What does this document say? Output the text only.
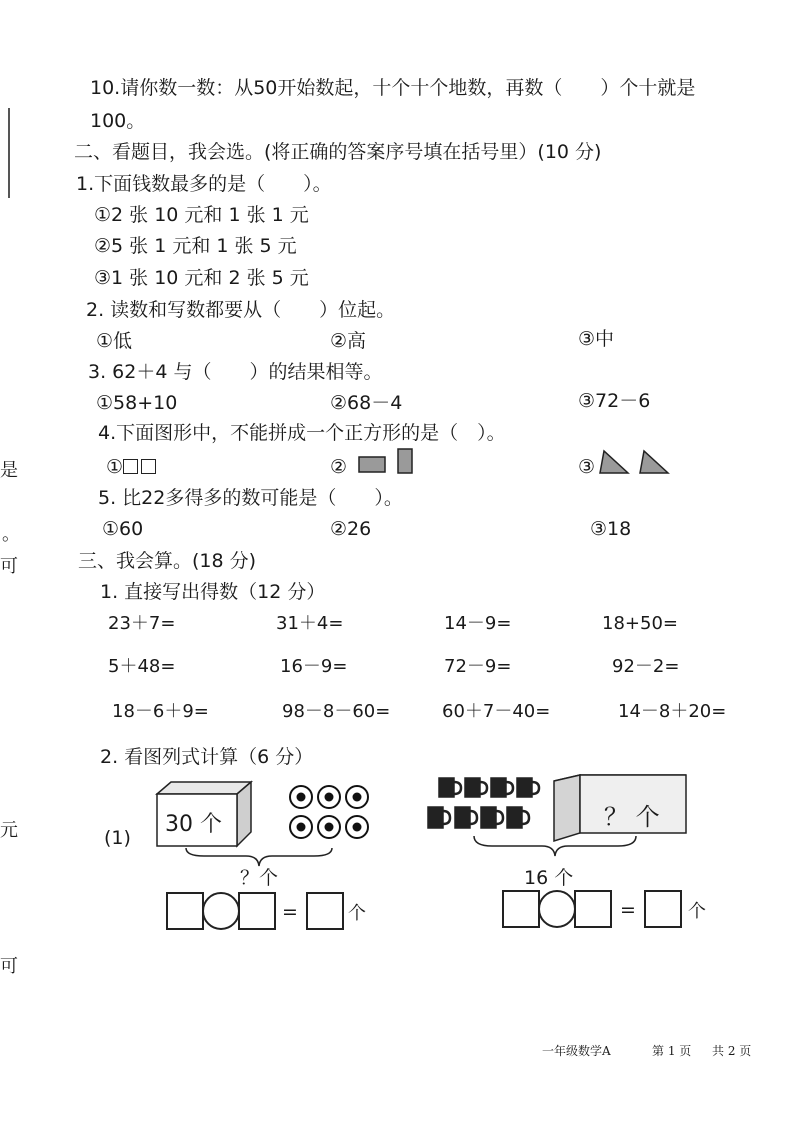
是
。
可
元
可
10.请你数一数：从50开始数起，十个十个地数，再数（　　）个十就是
100。
二、看题目，我会选。(将正确的答案序号填在括号里）(10 分)
1.下面钱数最多的是（　　）。
①2 张 10 元和 1 张 1 元
②5 张 1 元和 1 张 5 元
③1 张 10 元和 2 张 5 元
2. 读数和写数都要从（　　）位起。
①低	②高	③中
3. 62＋4 与（　　）的结果相等。
①58+10	②68－4	③72－6
4.下面图形中，不能拼成一个正方形的是（　）。
①	②	③
5. 比22多得多的数可能是（　　）。
①60	②26	③18
三、我会算。(18 分)
1. 直接写出得数（12 分）
23＋7=	31＋4=	14－9=	18+50=
5＋48=	16－9=	72－9=	92－2=
18－6＋9=	98－8－60=	60＋7－40=	14－8＋20=
2. 看图列式计算（6 分）
(1)
30 个
？个
=	个
？ 个
16 个
=	个
一年级数学A	第 1 页 共 2 页
